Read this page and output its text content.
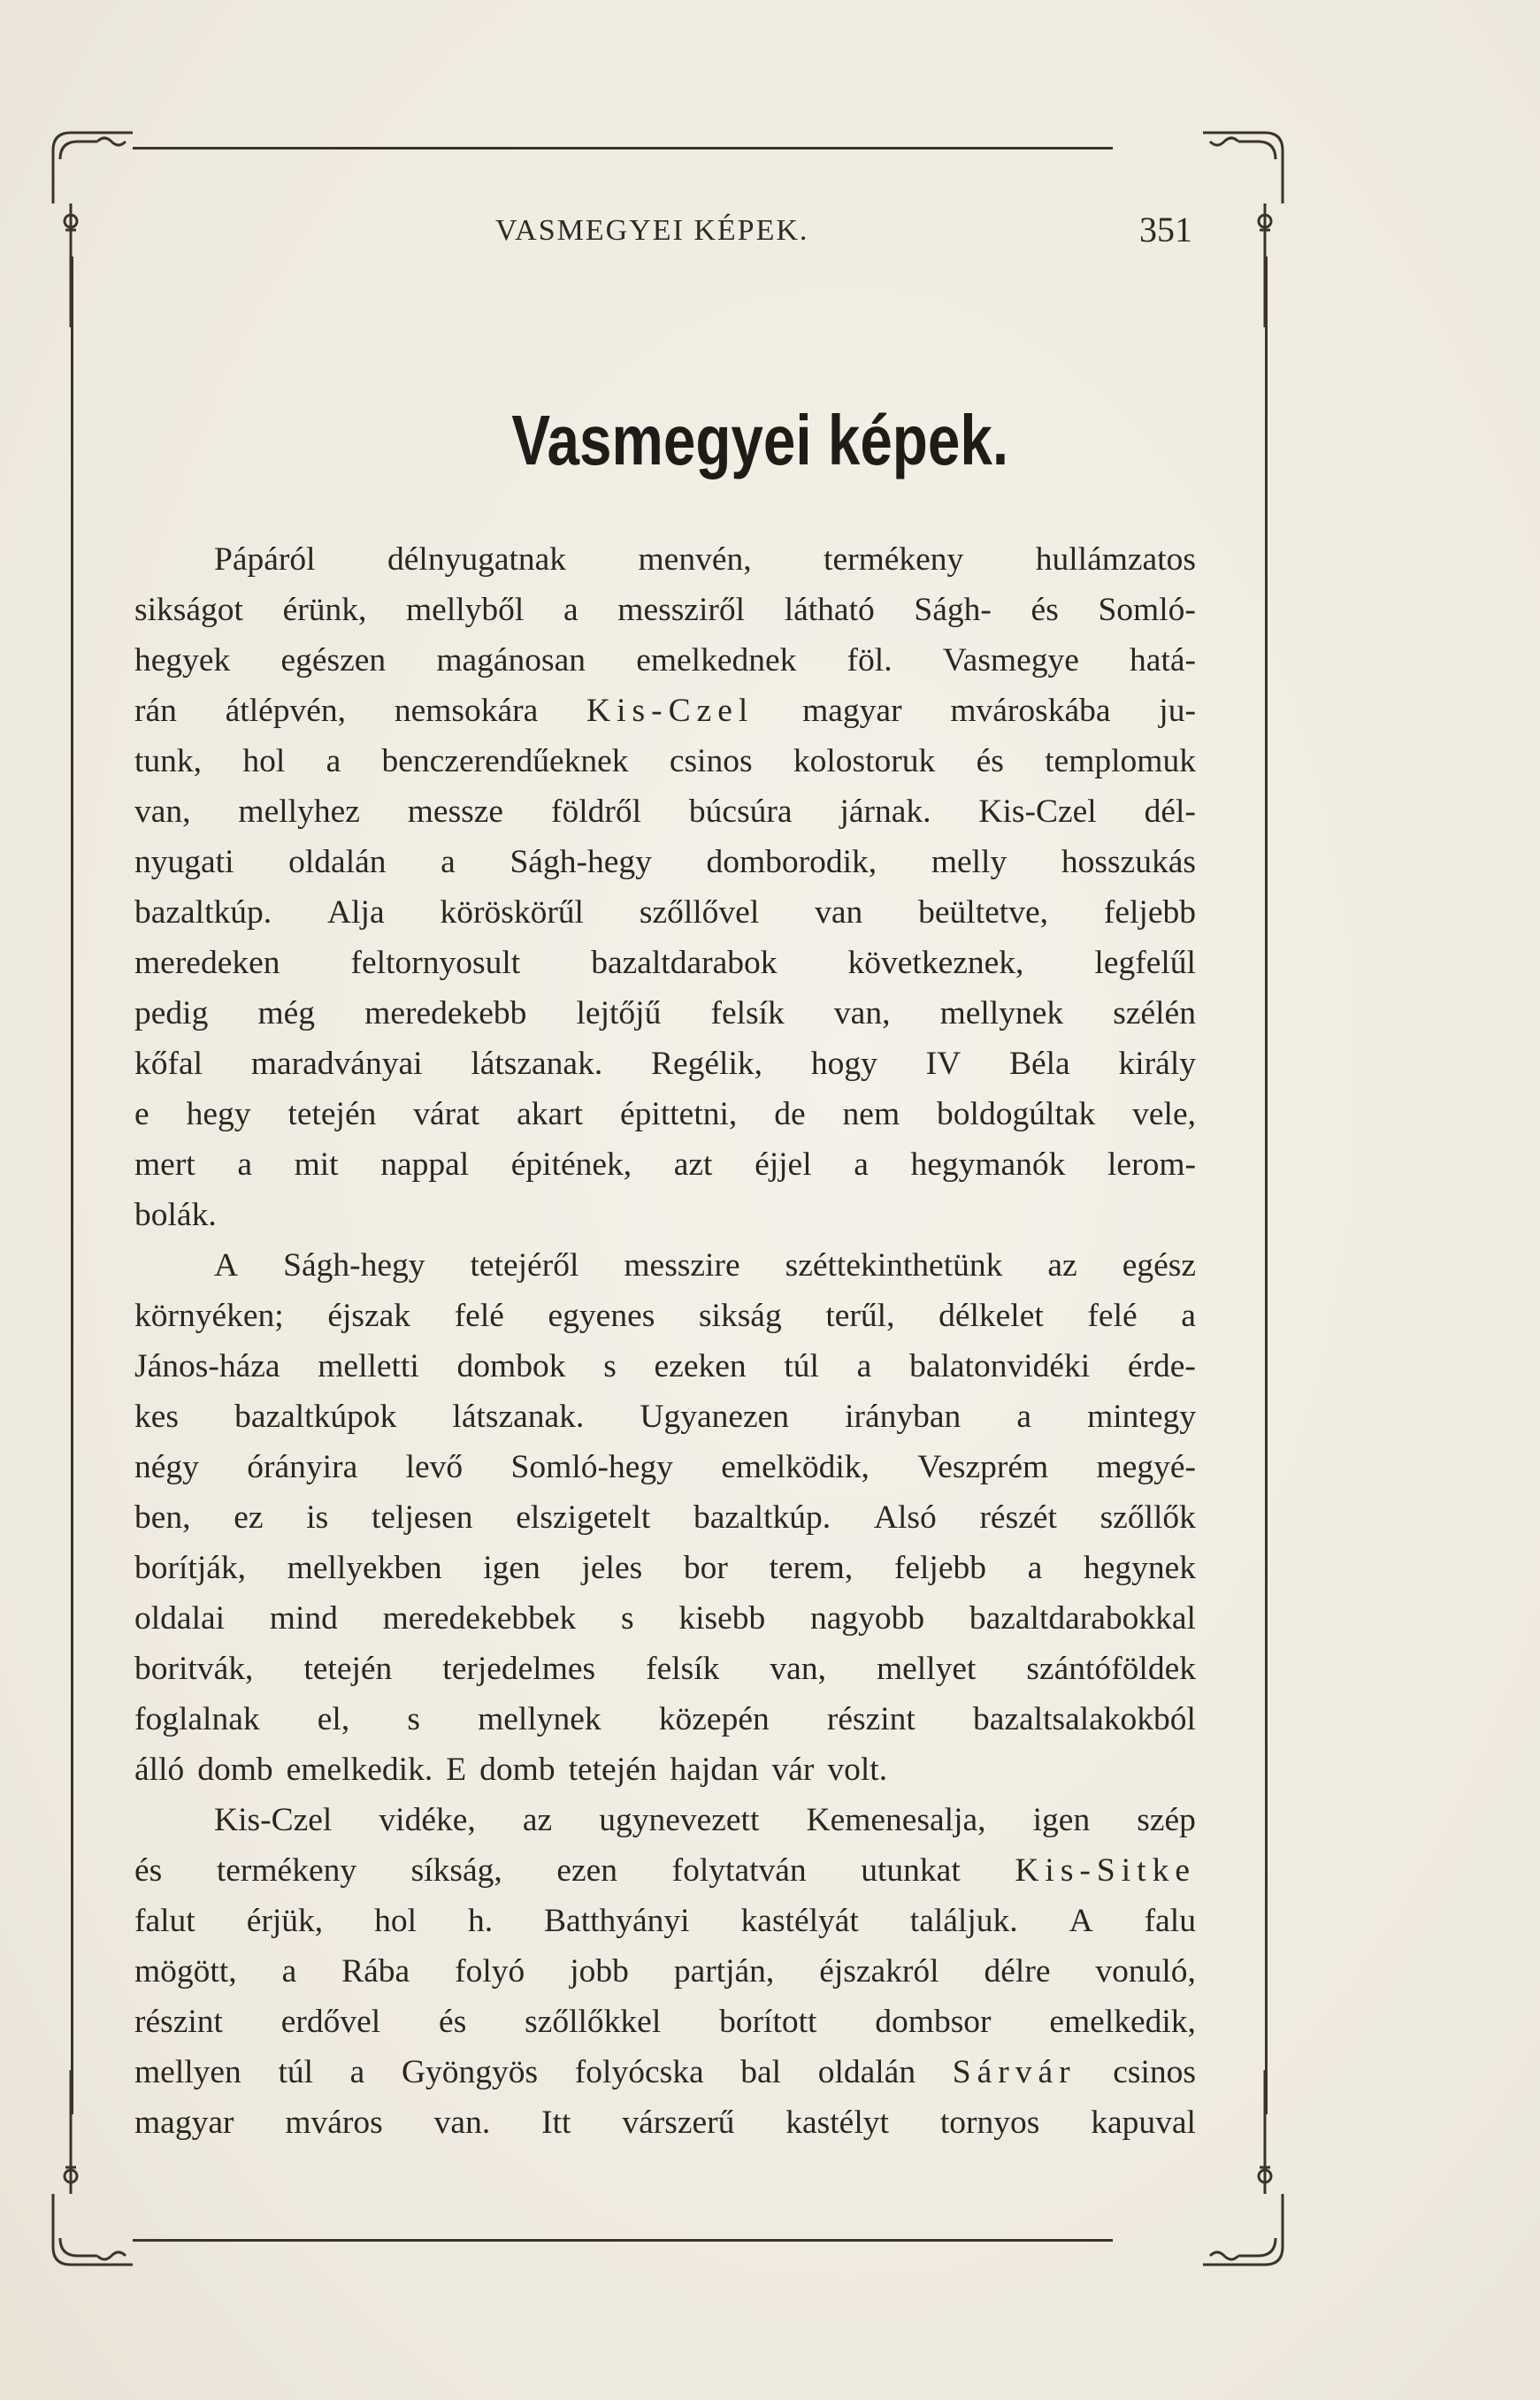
VASMEGYEI KÉPEK.	351
Vasmegyei képek.
Pápáról délnyugatnak menvén, termékeny hullámzatos
sikságot érünk, mellyből a messziről látható Ságh- és Somló-
hegyek egészen magánosan emelkednek föl. Vasmegye hatá-
rán átlépvén, nemsokára Kis-Czel magyar mvároskába ju-
tunk, hol a benczerendűeknek csinos kolostoruk és templomuk
van, mellyhez messze földről búcsúra járnak. Kis-Czel dél-
nyugati oldalán a Ságh-hegy domborodik, melly hosszukás
bazaltkúp. Alja köröskörűl szőllővel van beültetve, feljebb
meredeken feltornyosult bazaltdarabok következnek, legfelűl
pedig még meredekebb lejtőjű felsík van, mellynek szélén
kőfal maradványai látszanak. Regélik, hogy IV Béla király
e hegy tetején várat akart épittetni, de nem boldogúltak vele,
mert a mit nappal épitének, azt éjjel a hegymanók lerom-
bolák.
A Ságh-hegy tetejéről messzire széttekinthetünk az egész
környéken; éjszak felé egyenes sikság terűl, délkelet felé a
János-háza melletti dombok s ezeken túl a balatonvidéki érde-
kes bazaltkúpok látszanak. Ugyanezen irányban a mintegy
négy órányira levő Somló-hegy emelködik, Veszprém megyé-
ben, ez is teljesen elszigetelt bazaltkúp. Alsó részét szőllők
borítják, mellyekben igen jeles bor terem, feljebb a hegynek
oldalai mind meredekebbek s kisebb nagyobb bazaltdarabokkal
boritvák, tetején terjedelmes felsík van, mellyet szántóföldek
foglalnak el, s mellynek közepén részint bazaltsalakokból
álló domb emelkedik. E domb tetején hajdan vár volt.
Kis-Czel vidéke, az ugynevezett Kemenesalja, igen szép
és termékeny síkság, ezen folytatván utunkat Kis-Sitke
falut érjük, hol h. Batthyányi kastélyát találjuk. A falu
mögött, a Rába folyó jobb partján, éjszakról délre vonuló,
részint erdővel és szőllőkkel borított dombsor emelkedik,
mellyen túl a Gyöngyös folyócska bal oldalán Sárvár csinos
magyar mváros van. Itt várszerű kastélyt tornyos kapuval
